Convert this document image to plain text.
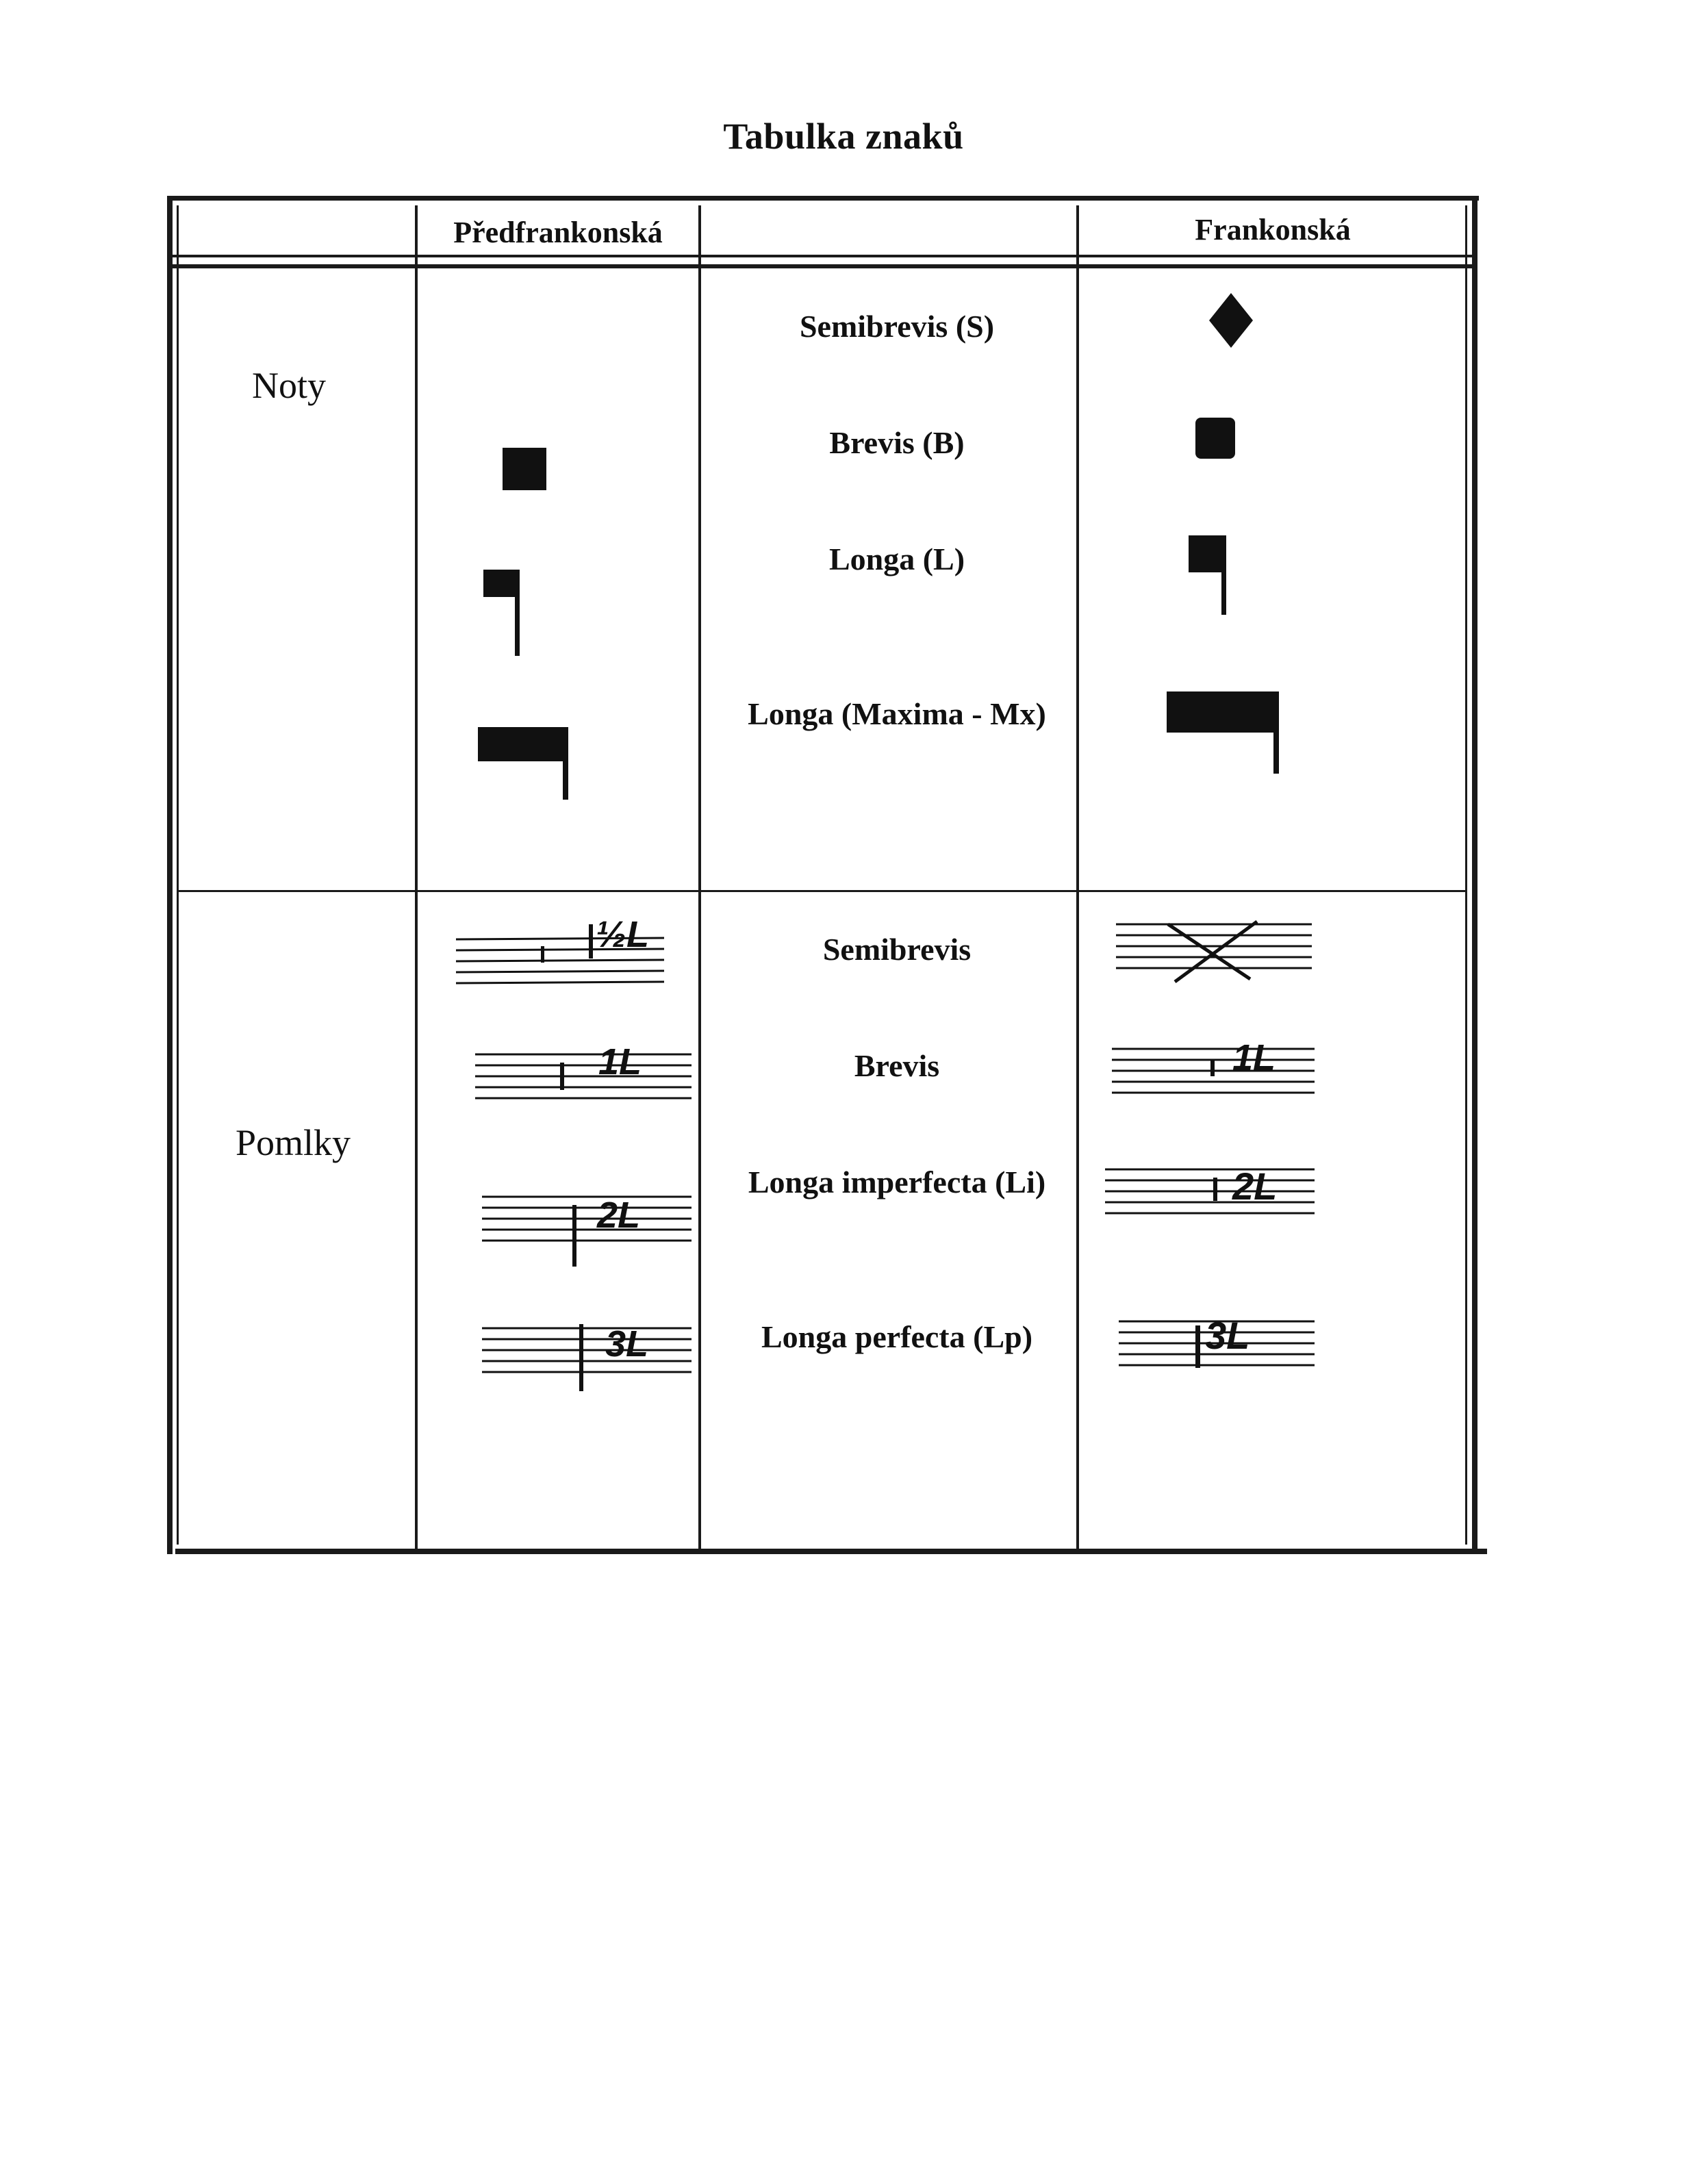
Tabulka znaků
Předfrankonská	Frankonská
Noty
Pomlky
Semibrevis (S)
Brevis (B)
Longa (L)
Longa (Maxima - Mx)
Semibrevis
Brevis
Longa imperfecta (Li)
Longa perfecta (Lp)
½L
1L
2L
3L
1L
2L
3L
